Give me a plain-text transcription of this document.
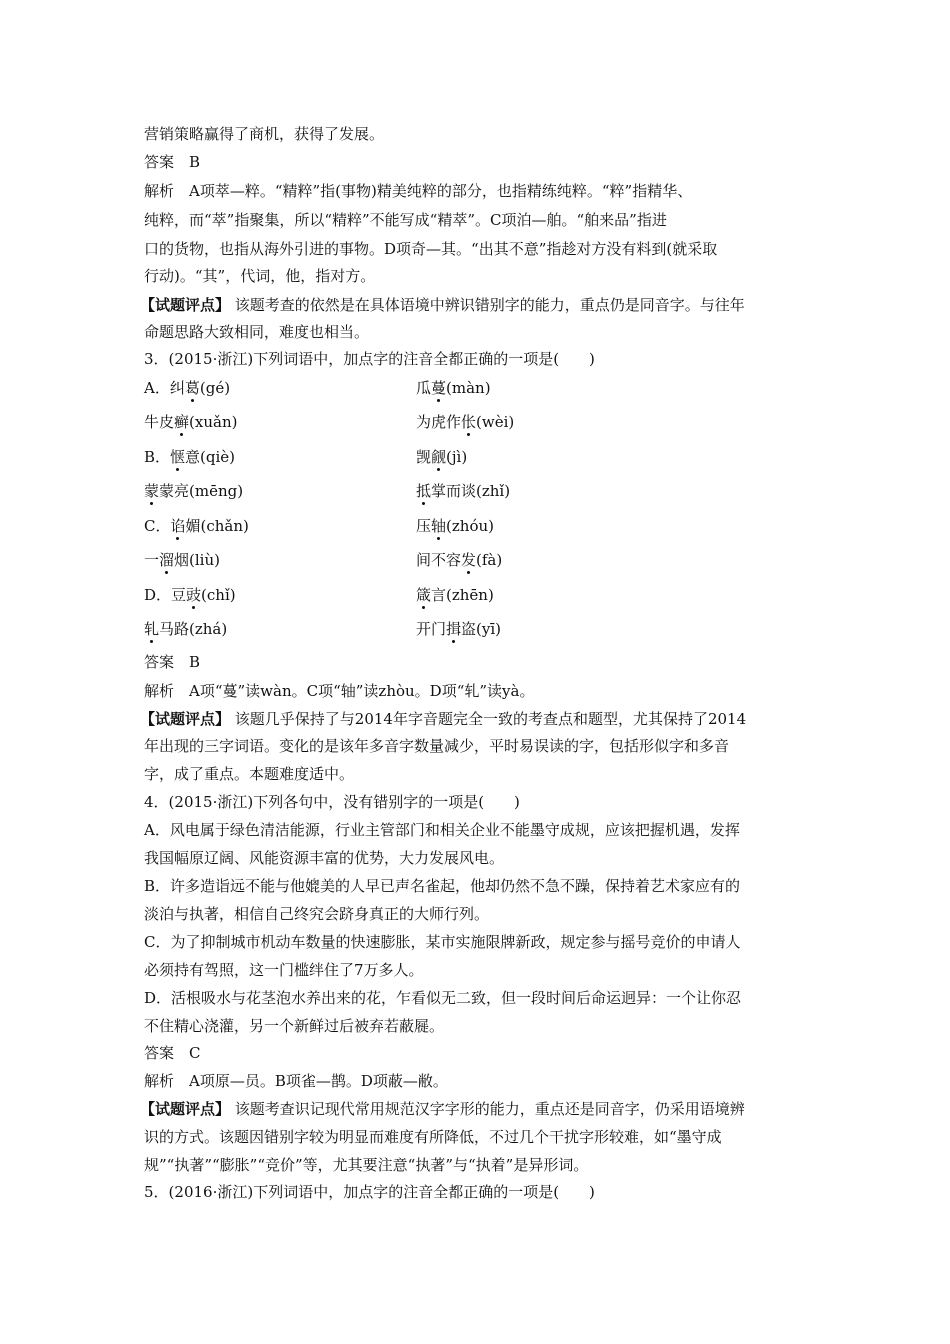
营销策略赢得了商机，获得了发展。
答案　B
解析　A项萃—粹。“精粹”指(事物)精美纯粹的部分，也指精练纯粹。“粹”指精华、
纯粹，而“萃”指聚集，所以“精粹”不能写成“精萃”。C项泊—舶。“舶来品”指进
口的货物，也指从海外引进的事物。D项奇—其。“出其不意”指趁对方没有料到(就采取
行动)。“其”，代词，他，指对方。
【试题评点】 该题考查的依然是在具体语境中辨识错别字的能力，重点仍是同音字。与往年
命题思路大致相同，难度也相当。
3．(2015·浙江)下列词语中，加点字的注音全都正确的一项是(　　)
A．纠葛(gé)	瓜蔓(màn)
牛皮癣(xuǎn)	为虎作伥(wèi)
B．惬意(qiè)	觊觎(jì)
蒙蒙亮(mēng)	抵掌而谈(zhǐ)
C．谄媚(chǎn)	压轴(zhóu)
一溜烟(liù)	间不容发(fà)
D．豆豉(chǐ)	箴言(zhēn)
轧马路(zhá)	开门揖盗(yī)
答案　B
解析　A项“蔓”读wàn。C项“轴”读zhòu。D项“轧”读yà。
【试题评点】 该题几乎保持了与2014年字音题完全一致的考查点和题型，尤其保持了2014
年出现的三字词语。变化的是该年多音字数量减少，平时易误读的字，包括形似字和多音
字，成了重点。本题难度适中。
4．(2015·浙江)下列各句中，没有错别字的一项是(　　)
A．风电属于绿色清洁能源，行业主管部门和相关企业不能墨守成规，应该把握机遇，发挥
我国幅原辽阔、风能资源丰富的优势，大力发展风电。
B．许多造诣远不能与他媲美的人早已声名雀起，他却仍然不急不躁，保持着艺术家应有的
淡泊与执著，相信自己终究会跻身真正的大师行列。
C．为了抑制城市机动车数量的快速膨胀，某市实施限牌新政，规定参与摇号竞价的申请人
必须持有驾照，这一门槛绊住了7万多人。
D．活根吸水与花茎泡水养出来的花，乍看似无二致，但一段时间后命运迥异：一个让你忍
不住精心浇灌，另一个新鲜过后被弃若蔽屣。
答案　C
解析　A项原—员。B项雀—鹊。D项蔽—敝。
【试题评点】 该题考查识记现代常用规范汉字字形的能力，重点还是同音字，仍采用语境辨
识的方式。该题因错别字较为明显而难度有所降低，不过几个干扰字形较难，如“墨守成
规”“执著”“膨胀”“竞价”等，尤其要注意“执著”与“执着”是异形词。
5．(2016·浙江)下列词语中，加点字的注音全都正确的一项是(　　)
